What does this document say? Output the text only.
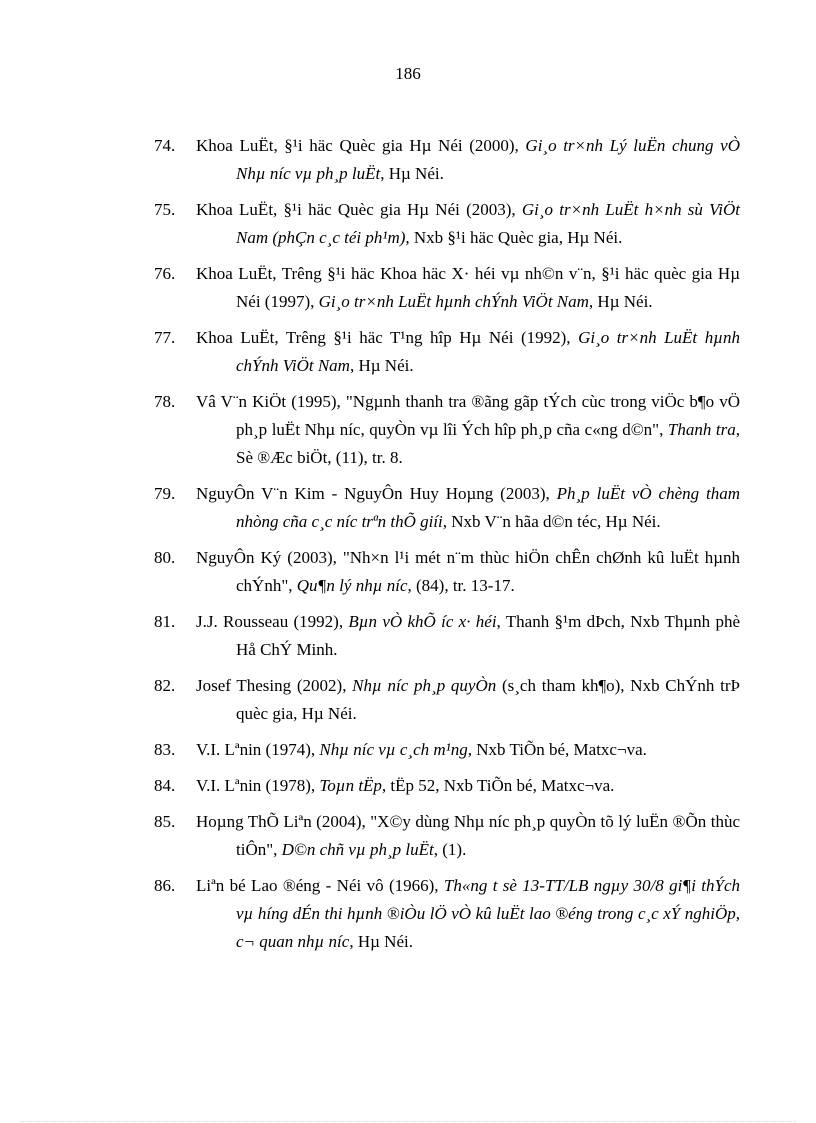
186
74.	Khoa LuËt, §¹i häc Quèc gia Hµ Néi (2000), Gi¸o tr×nh Lý luËn chung vÒ Nhµ níc vµ ph¸p luËt, Hµ Néi.
75.	Khoa LuËt, §¹i häc Quèc gia Hµ Néi (2003), Gi¸o tr×nh LuËt h×nh sù ViÖt Nam (phÇn c¸c téi ph¹m), Nxb §¹i häc Quèc gia, Hµ Néi.
76.	Khoa LuËt, Trêng §¹i häc Khoa häc X· héi vµ nh©n v¨n, §¹i häc quèc gia Hµ Néi (1997), Gi¸o tr×nh LuËt hµnh chÝnh ViÖt Nam, Hµ Néi.
77.	Khoa LuËt, Trêng §¹i häc T¹ng hîp Hµ Néi (1992), Gi¸o tr×nh LuËt hµnh chÝnh ViÖt Nam, Hµ Néi.
78.	Vâ V¨n KiÖt (1995), "Ngµnh thanh tra ®ãng gãp tÝch cùc trong viÖc b¶o vÖ ph¸p luËt Nhµ níc, quyÒn vµ lîi Ých hîp ph¸p cña c«ng d©n", Thanh tra, Sè ®Æc biÖt, (11), tr. 8.
79.	NguyÔn V¨n Kim - NguyÔn Huy Hoµng (2003), Ph¸p luËt vÒ chèng tham nhòng cña c¸c níc trªn thÕ giíi, Nxb V¨n hãa d©n téc, Hµ Néi.
80.	NguyÔn Ký (2003), "Nh×n l¹i mét n¨m thùc hiÖn chÊn chØnh kû luËt hµnh chÝnh", Qu¶n lý nhµ níc, (84), tr. 13-17.
81.	J.J. Rousseau (1992), Bµn vÒ khÕ íc x· héi, Thanh §¹m dÞch, Nxb Thµnh phè Hå ChÝ Minh.
82.	Josef Thesing (2002), Nhµ níc ph¸p quyÒn (s¸ch tham kh¶o), Nxb ChÝnh trÞ quèc gia, Hµ Néi.
83.	V.I. Lªnin (1974), Nhµ níc vµ c¸ch m¹ng, Nxb TiÕn bé, Matxc¬va.
84.	V.I. Lªnin (1978), Toµn tËp, tËp 52, Nxb TiÕn bé, Matxc¬va.
85.	Hoµng ThÕ Liªn (2004), "X©y dùng Nhµ níc ph¸p quyÒn tõ lý luËn ®Õn thùc tiÔn", D©n chñ vµ ph¸p luËt, (1).
86.	Liªn bé Lao ®éng - Néi vô (1966), Th«ng t sè 13-TT/LB ngµy 30/8 gi¶i thÝch vµ híng dÉn thi hµnh ®iÒu lÖ vÒ kû luËt lao ®éng trong c¸c xÝ nghiÖp, c¬ quan nhµ níc, Hµ Néi.
